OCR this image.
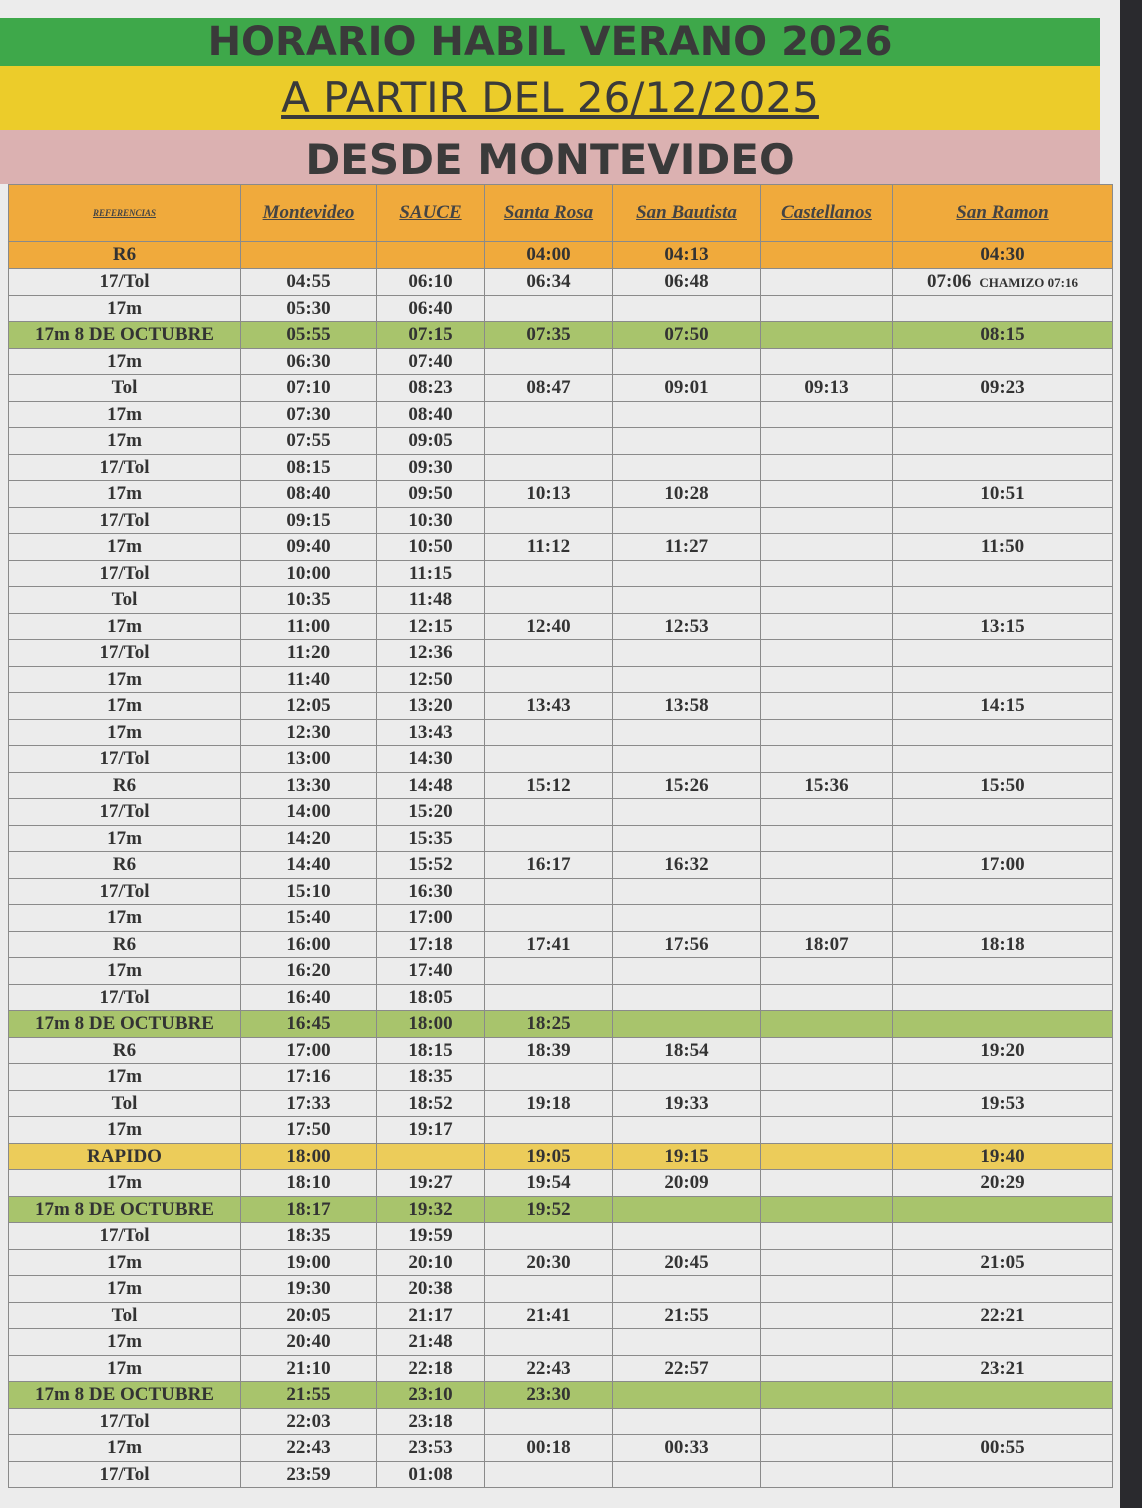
HORARIO HABIL VERANO 2026
A PARTIR DEL 26/12/2025
DESDE MONTEVIDEO
REFERENCIAS	Montevideo	SAUCE	Santa Rosa	San Bautista	Castellanos	San Ramon
R6			04:00	04:13		04:30
17/Tol	04:55	06:10	06:34	06:48		07:06 CHAMIZO 07:16
17m	05:30	06:40				
17m 8 DE OCTUBRE	05:55	07:15	07:35	07:50		08:15
17m	06:30	07:40				
Tol	07:10	08:23	08:47	09:01	09:13	09:23
17m	07:30	08:40				
17m	07:55	09:05				
17/Tol	08:15	09:30				
17m	08:40	09:50	10:13	10:28		10:51
17/Tol	09:15	10:30				
17m	09:40	10:50	11:12	11:27		11:50
17/Tol	10:00	11:15				
Tol	10:35	11:48				
17m	11:00	12:15	12:40	12:53		13:15
17/Tol	11:20	12:36				
17m	11:40	12:50				
17m	12:05	13:20	13:43	13:58		14:15
17m	12:30	13:43				
17/Tol	13:00	14:30				
R6	13:30	14:48	15:12	15:26	15:36	15:50
17/Tol	14:00	15:20				
17m	14:20	15:35				
R6	14:40	15:52	16:17	16:32		17:00
17/Tol	15:10	16:30				
17m	15:40	17:00				
R6	16:00	17:18	17:41	17:56	18:07	18:18
17m	16:20	17:40				
17/Tol	16:40	18:05				
17m 8 DE OCTUBRE	16:45	18:00	18:25			
R6	17:00	18:15	18:39	18:54		19:20
17m	17:16	18:35				
Tol	17:33	18:52	19:18	19:33		19:53
17m	17:50	19:17				
RAPIDO	18:00		19:05	19:15		19:40
17m	18:10	19:27	19:54	20:09		20:29
17m 8 DE OCTUBRE	18:17	19:32	19:52			
17/Tol	18:35	19:59				
17m	19:00	20:10	20:30	20:45		21:05
17m	19:30	20:38				
Tol	20:05	21:17	21:41	21:55		22:21
17m	20:40	21:48				
17m	21:10	22:18	22:43	22:57		23:21
17m 8 DE OCTUBRE	21:55	23:10	23:30			
17/Tol	22:03	23:18				
17m	22:43	23:53	00:18	00:33		00:55
17/Tol	23:59	01:08				
